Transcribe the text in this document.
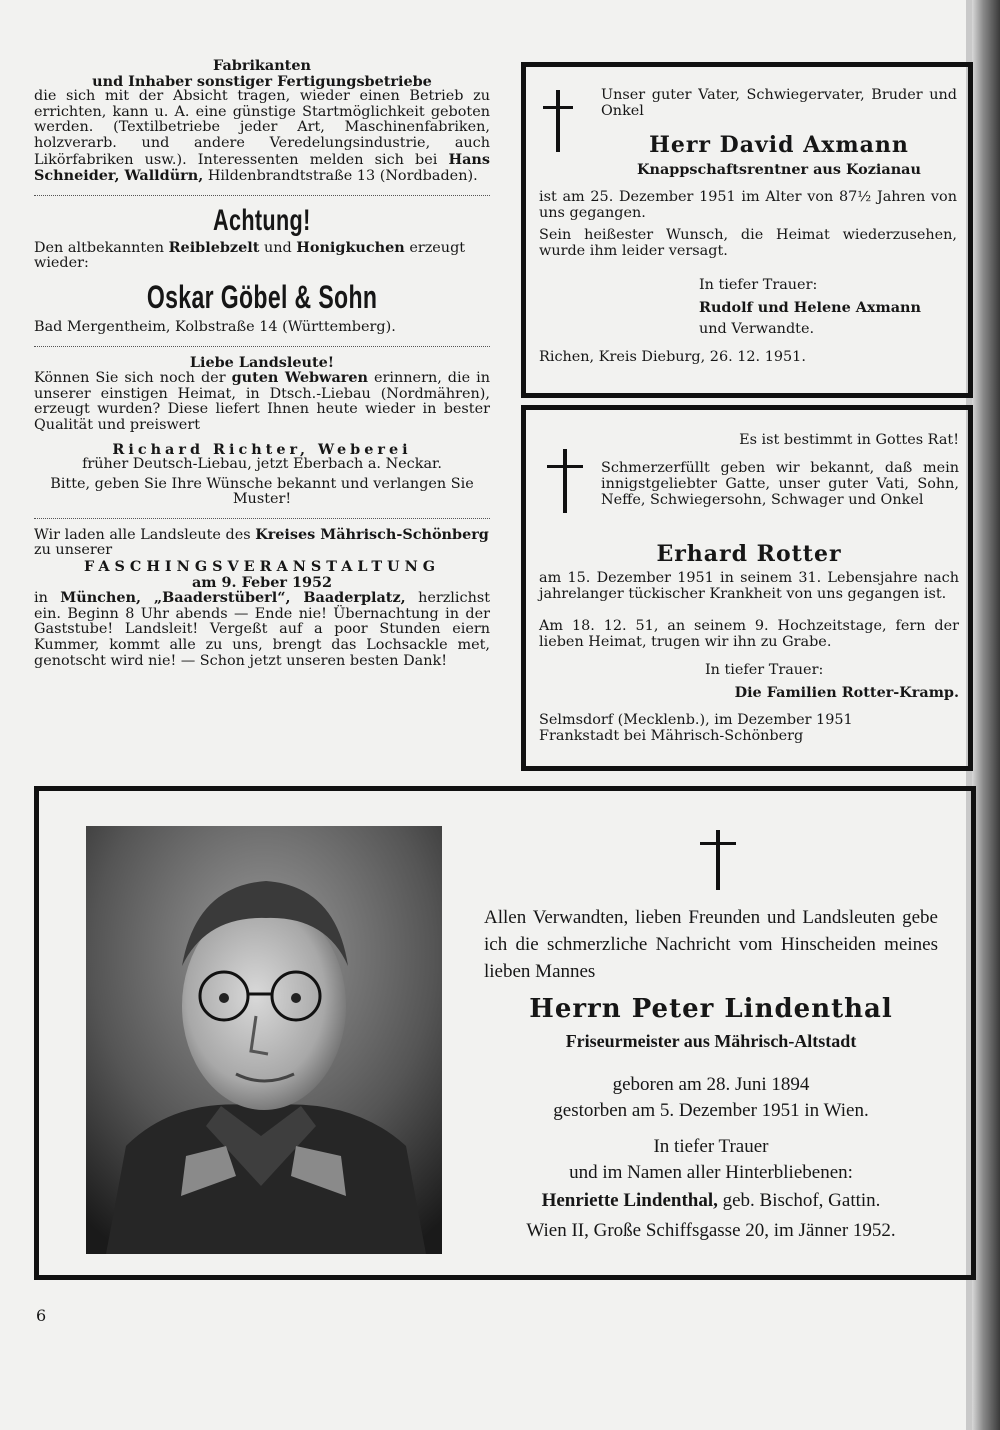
Fabrikanten
und Inhaber sonstiger Fertigungsbetriebe
die sich mit der Absicht tragen, wieder einen Betrieb zu errichten, kann u. A. eine günstige Startmöglichkeit geboten werden. (Textilbetriebe jeder Art, Maschinenfabriken, holzverarb. und andere Veredelungsindustrie, auch Likörfabriken usw.). Interessenten melden sich bei Hans Schneider, Walldürn, Hildenbrandtstraße 13 (Nordbaden).
Achtung!
Den altbekannten Reiblebzelt und Honigkuchen erzeugt wieder:
Oskar Göbel & Sohn
Bad Mergentheim, Kolbstraße 14 (Württemberg).
Liebe Landsleute!
Können Sie sich noch der guten Webwaren erinnern, die in unserer einstigen Heimat, in Dtsch.-Liebau (Nordmähren), erzeugt wurden? Diese liefert Ihnen heute wieder in bester Qualität und preiswert
Richard Richter, Weberei
früher Deutsch-Liebau, jetzt Eberbach a. Neckar.
Bitte, geben Sie Ihre Wünsche bekannt und verlangen Sie Muster!
Wir laden alle Landsleute des Kreises Mährisch-Schönberg zu unserer
FASCHINGSVERANSTALTUNG
am 9. Feber 1952
in München, „Baaderstüberl“, Baaderplatz, herzlichst ein. Beginn 8 Uhr abends — Ende nie! Übernachtung in der Gaststube! Landsleit! Vergeßt auf a poor Stunden eiern Kummer, kommt alle zu uns, brengt das Lochsackle met, genotscht wird nie! — Schon jetzt unseren besten Dank!
Unser guter Vater, Schwiegervater, Bruder und Onkel
Herr David Axmann
Knappschaftsrentner aus Kozianau
ist am 25. Dezember 1951 im Alter von 87½ Jahren von uns gegangen.
Sein heißester Wunsch, die Heimat wiederzusehen, wurde ihm leider versagt.
In tiefer Trauer:
Rudolf und Helene Axmann
und Verwandte.
Richen, Kreis Dieburg, 26. 12. 1951.
Es ist bestimmt in Gottes Rat!
Schmerzerfüllt geben wir bekannt, daß mein innigstgeliebter Gatte, unser guter Vati, Sohn, Neffe, Schwiegersohn, Schwager und Onkel
Erhard Rotter
am 15. Dezember 1951 in seinem 31. Lebensjahre nach jahrelanger tückischer Krankheit von uns gegangen ist.
Am 18. 12. 51, an seinem 9. Hochzeitstage, fern der lieben Heimat, trugen wir ihn zu Grabe.
In tiefer Trauer:
Die Familien Rotter-Kramp.
Selmsdorf (Mecklenb.), im Dezember 1951
Frankstadt bei Mährisch-Schönberg
Allen Verwandten, lieben Freunden und Landsleuten gebe ich die schmerzliche Nachricht vom Hinscheiden meines lieben Mannes
Herrn Peter Lindenthal
Friseurmeister aus Mährisch-Altstadt
geboren am 28. Juni 1894
gestorben am 5. Dezember 1951 in Wien.
In tiefer Trauer
und im Namen aller Hinterbliebenen:
Henriette Lindenthal, geb. Bischof, Gattin.
Wien II, Große Schiffsgasse 20, im Jänner 1952.
6
